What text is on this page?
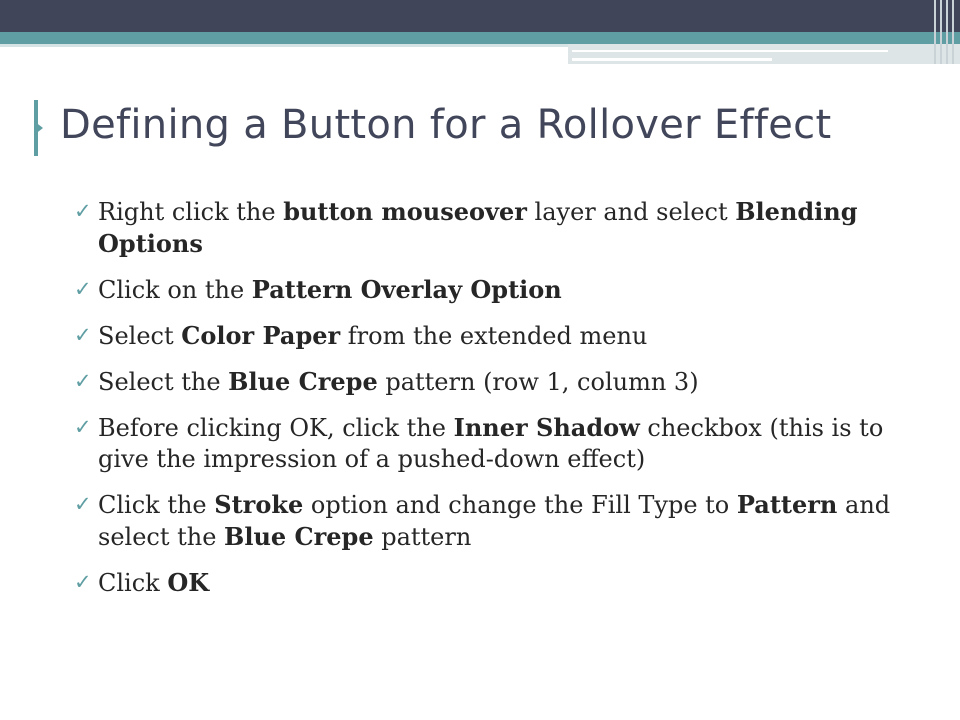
Defining a Button for a Rollover Effect
✓ Right click the button mouseover layer and select Blending Options
✓ Click on the Pattern Overlay Option
✓ Select Color Paper from the extended menu
✓ Select the Blue Crepe pattern (row 1, column 3)
✓ Before clicking OK, click the Inner Shadow checkbox (this is to give the impression of a pushed-down effect)
✓ Click the Stroke option and change the Fill Type to Pattern and select the Blue Crepe pattern
✓ Click OK
